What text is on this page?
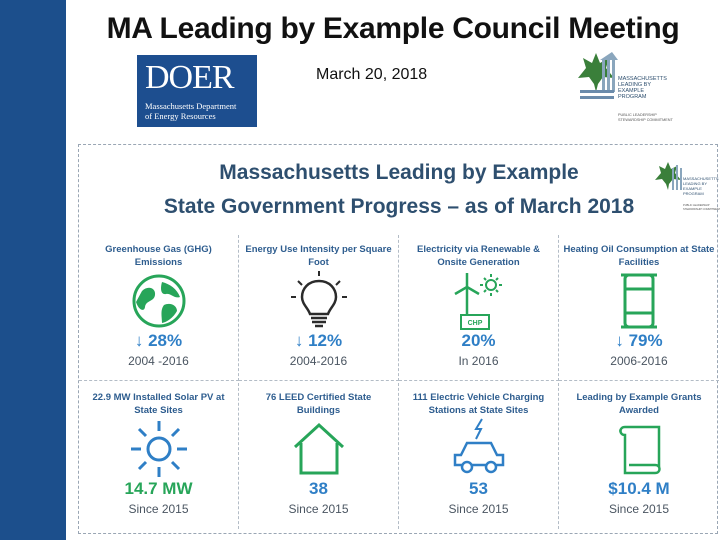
MA Leading by Example Council Meeting
March 20, 2018
DOER
Massachusetts Department
of Energy Resources
MASSACHUSETTS
LEADING BY
EXAMPLE
PROGRAM
PUBLIC LEADERSHIP
STEWARDSHIP COMMITMENT
Massachusetts Leading by Example
State Government Progress – as of March 2018
Greenhouse Gas (GHG) Emissions
↓ 28%
2004 -2016
Energy Use Intensity per Square Foot
↓ 12%
2004-2016
Electricity via Renewable & Onsite Generation
CHP
20%
In 2016
Heating Oil Consumption at State Facilities
↓ 79%
2006-2016
22.9 MW Installed Solar PV at State Sites
14.7 MW
Since 2015
76 LEED Certified State Buildings
38
Since 2015
111 Electric Vehicle Charging Stations at State Sites
53
Since 2015
Leading by Example Grants Awarded
$10.4 M
Since 2015
MASSACHUSETTS
LEADING BY
EXAMPLE
PROGRAM
PUBLIC LEADERSHIP
STEWARDSHIP COMMITMENT
